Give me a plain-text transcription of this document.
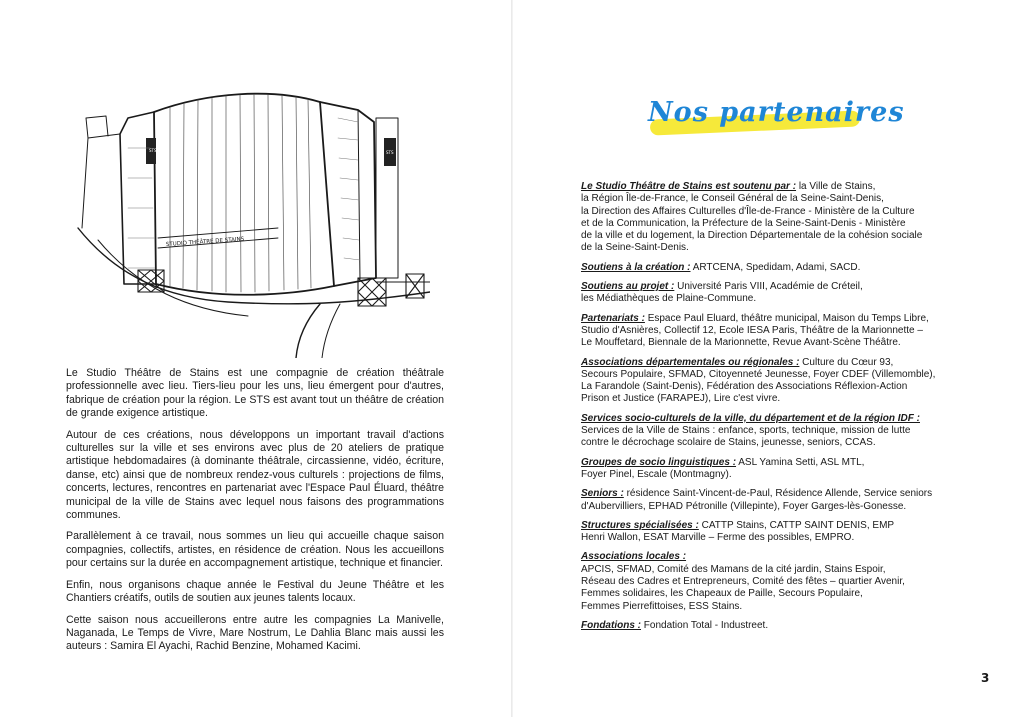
STUDIO THÉÂTRE DE STAINS
STS	STS

Le Studio Théâtre de Stains est une compagnie de création théâtrale professionnelle avec lieu. Tiers-lieu pour les uns, lieu émergent pour d'autres, fabrique de création pour la région. Le STS est avant tout un théâtre de création de grande exigence artistique.

Autour de ces créations, nous développons un important travail d'actions culturelles sur la ville et ses environs avec plus de 20 ateliers de pratique artistique hebdomadaires (à dominante théâtrale, circassienne, vidéo, écriture, danse, etc) ainsi que de nombreux rendez-vous culturels : projections de films, concerts, lectures, rencontres en partenariat avec l'Espace Paul Éluard, théâtre municipal de la ville de Stains avec lequel nous faisons des programmations communes.

Parallèlement à ce travail, nous sommes un lieu qui accueille chaque saison compagnies, collectifs, artistes, en résidence de création. Nous les accueillons pour certains sur la durée en accompagnement artistique, technique et financier.

Enfin, nous organisons chaque année le Festival du Jeune Théâtre et les Chantiers créatifs, outils de soutien aux jeunes talents locaux.

Cette saison nous accueillerons entre autre les compagnies La Manivelle, Naganada, Le Temps de Vivre, Mare Nostrum, Le Dahlia Blanc mais aussi les auteurs : Samira El Ayachi, Rachid Benzine, Mohamed Kacimi.

Nos partenaires
Le Studio Théâtre de Stains est soutenu par : la Ville de Stains,
la Région Île-de-France, le Conseil Général de la Seine-Saint-Denis,
la Direction des Affaires Culturelles d'Île-de-France - Ministère de la Culture
et de la Communication, la Préfecture de la Seine-Saint-Denis - Ministère
de la ville et du logement, la Direction Départementale de la cohésion sociale
de la Seine-Saint-Denis.
Soutiens à la création : ARTCENA, Spedidam, Adami, SACD.
Soutiens au projet : Université Paris VIII, Académie de Créteil,
les Médiathèques de Plaine-Commune.
Partenariats : Espace Paul Eluard, théâtre municipal, Maison du Temps Libre,
Studio d'Asnières, Collectif 12, Ecole IESA Paris, Théâtre de la Marionnette –
Le Mouffetard, Biennale de la Marionnette, Revue Avant-Scène Théâtre.
Associations départementales ou régionales : Culture du Cœur 93,
Secours Populaire, SFMAD, Citoyenneté Jeunesse, Foyer CDEF (Villemomble),
La Farandole (Saint-Denis), Fédération des Associations Réflexion-Action
Prison et Justice (FARAPEJ), Lire c'est vivre.
Services socio-culturels de la ville, du département et de la région IDF :
Services de la Ville de Stains : enfance, sports, technique, mission de lutte
contre le décrochage scolaire de Stains, jeunesse, seniors, CCAS.
Groupes de socio linguistiques : ASL Yamina Setti, ASL MTL,
Foyer Pinel, Escale (Montmagny).
Seniors : résidence Saint-Vincent-de-Paul, Résidence Allende, Service seniors
d'Aubervilliers, EPHAD Pétronille (Villepinte), Foyer Garges-lès-Gonesse.
Structures spécialisées : CATTP Stains, CATTP SAINT DENIS, EMP
Henri Wallon, ESAT Marville – Ferme des possibles, EMPRO.
Associations locales :
APCIS, SFMAD, Comité des Mamans de la cité jardin, Stains Espoir,
Réseau des Cadres et Entrepreneurs, Comité des fêtes – quartier Avenir,
Femmes solidaires, les Chapeaux de Paille, Secours Populaire,
Femmes Pierrefittoises, ESS Stains.
Fondations : Fondation Total - Industreet.
3
